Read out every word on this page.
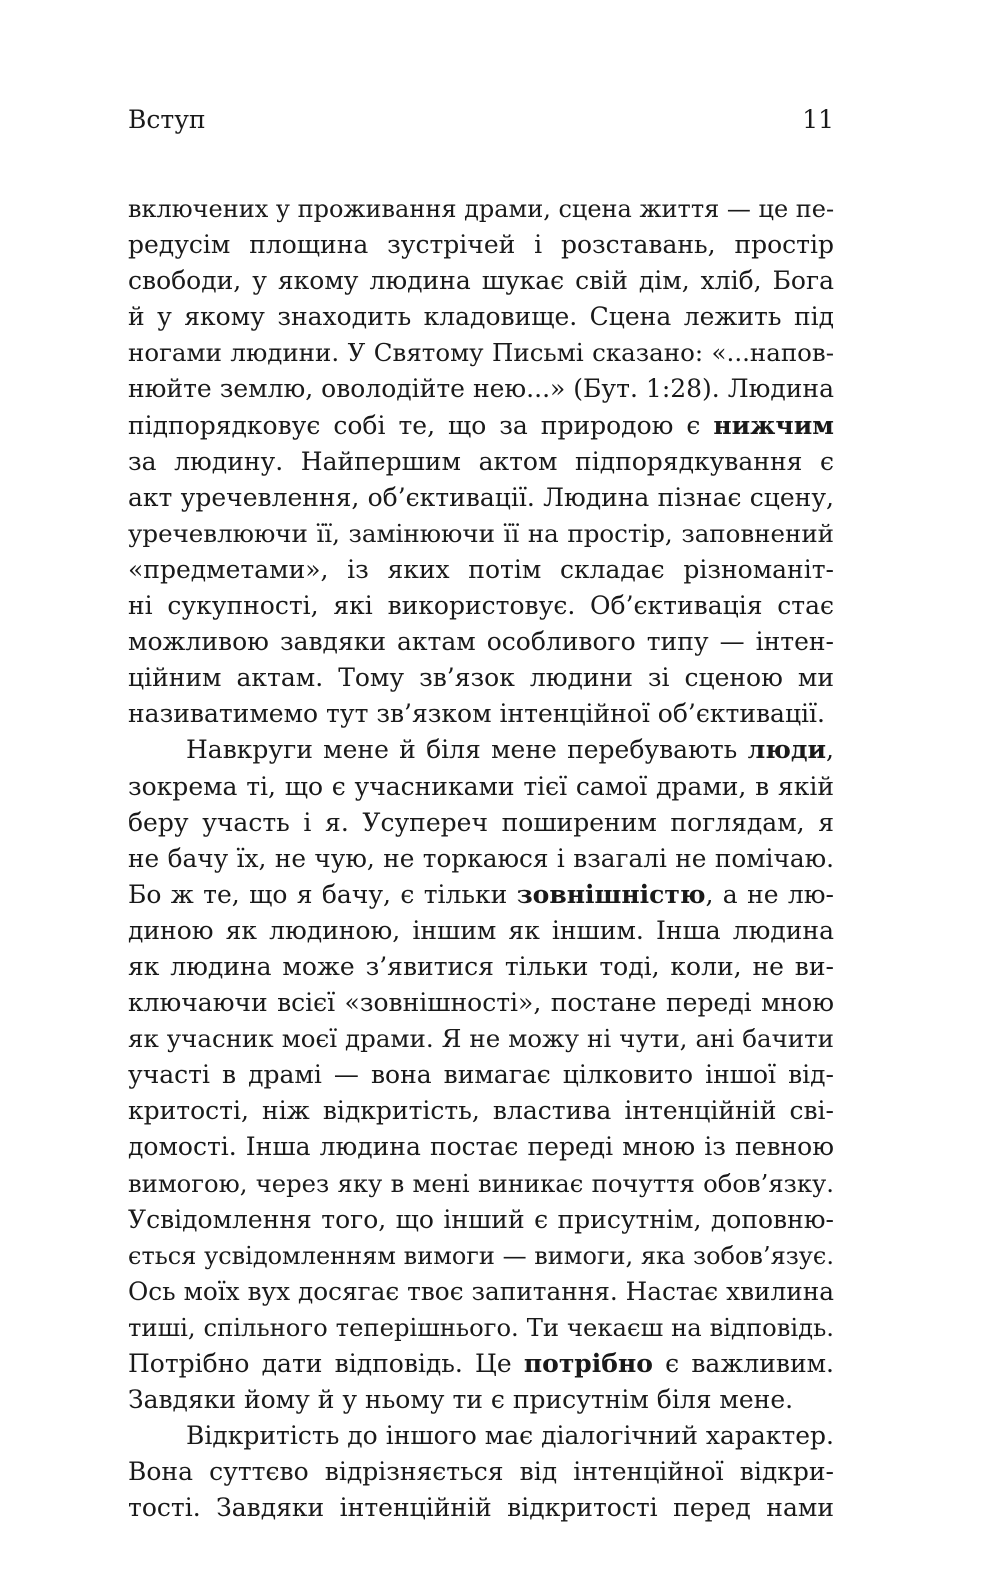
Вступ	11
включених у проживання драми, сцена життя — це пе-
редусім площина зустрічей і розставань, простір
свободи, у якому людина шукає свій дім, хліб, Бога
й у якому знаходить кладовище. Сцена лежить під
ногами людини. У Святому Письмі сказано: «...напов-
нюйте землю, оволодійте нею...» (Бут. 1:28). Людина
підпорядковує собі те, що за природою є нижчим
за людину. Найпершим актом підпорядкування є
акт уречевлення, об’єктивації. Людина пізнає сцену,
уречевлюючи її, замінюючи її на простір, заповнений
«предметами», із яких потім складає різноманіт-
ні сукупності, які використовує. Об’єктивація стає
можливою завдяки актам особливого типу — інтен-
ційним актам. Тому зв’язок людини зі сценою ми
називатимемо тут зв’язком інтенційної об’єктивації.
Навкруги мене й біля мене перебувають люди,
зокрема ті, що є учасниками тієї самої драми, в якій
беру участь і я. Усупереч поширеним поглядам, я
не бачу їх, не чую, не торкаюся і взагалі не помічаю.
Бо ж те, що я бачу, є тільки зовнішністю, а не лю-
диною як людиною, іншим як іншим. Інша людина
як людина може з’явитися тільки тоді, коли, не ви-
ключаючи всієї «зовнішності», постане переді мною
як учасник моєї драми. Я не можу ні чути, ані бачити
участі в драмі — вона вимагає цілковито іншої від-
критості, ніж відкритість, властива інтенційній сві-
домості. Інша людина постає переді мною із певною
вимогою, через яку в мені виникає почуття обов’язку.
Усвідомлення того, що інший є присутнім, доповню-
ється усвідомленням вимоги — вимоги, яка зобов’язує.
Ось моїх вух досягає твоє запитання. Настає хвилина
тиші, спільного теперішнього. Ти чекаєш на відповідь.
Потрібно дати відповідь. Це потрібно є важливим.
Завдяки йому й у ньому ти є присутнім біля мене.
Відкритість до іншого має діалогічний характер.
Вона суттєво відрізняється від інтенційної відкри-
тості. Завдяки інтенційній відкритості перед нами
